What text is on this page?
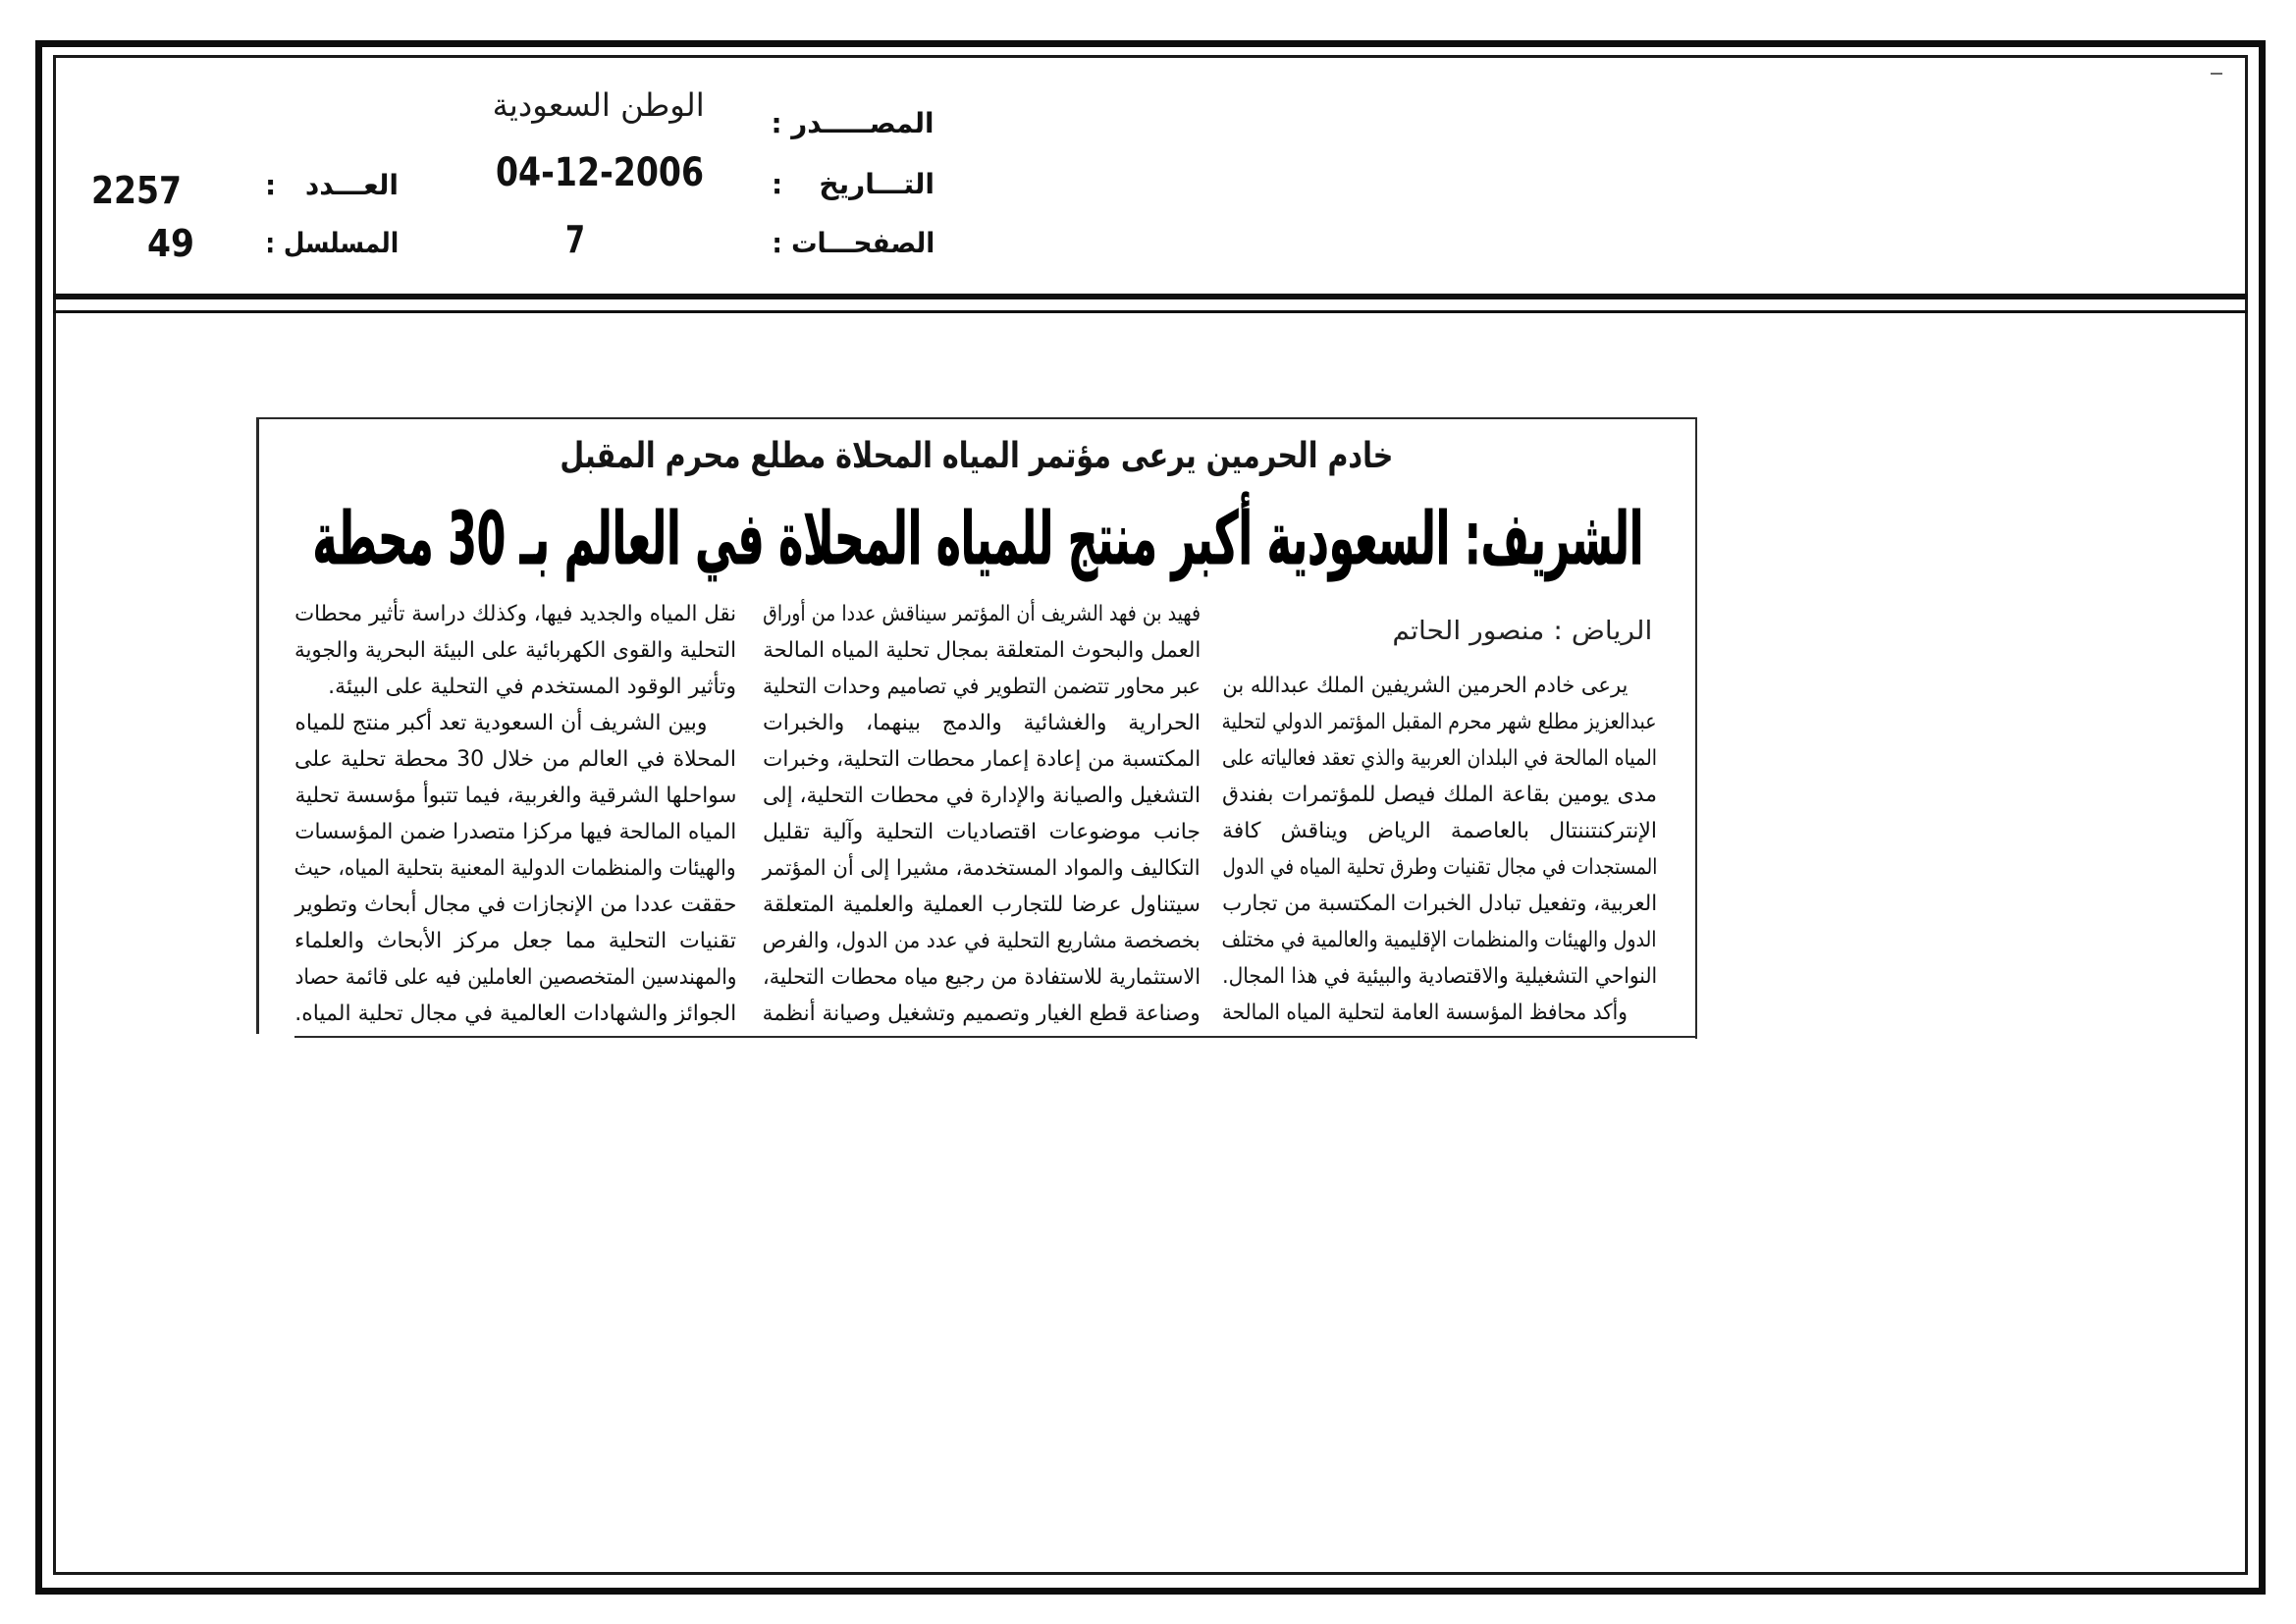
المصـــــدر :
الوطن السعودية
التـــاريخ :
04-12-2006
الصفحـــات :
7
العـــدد :
2257
المسلسل :
49
خادم الحرمين يرعى مؤتمر المياه المحلاة مطلع محرم المقبل
الشريف: السعودية أكبر منتج للمياه المحلاة في العالم بـ 30 محطة
الرياض : منصور الحاتم
يرعى خادم الحرمين الشريفين الملك عبدالله بن
عبدالعزيز مطلع شهر محرم المقبل المؤتمر الدولي لتحلية
المياه المالحة في البلدان العربية والذي تعقد فعالياته على
مدى يومين بقاعة الملك فيصل للمؤتمرات بفندق
الإنتركنتننتال بالعاصمة الرياض ويناقش كافة
المستجدات في مجال تقنيات وطرق تحلية المياه في الدول
العربية، وتفعيل تبادل الخبرات المكتسبة من تجارب
الدول والهيئات والمنظمات الإقليمية والعالمية في مختلف
النواحي التشغيلية والاقتصادية والبيئية في هذا المجال.
وأكد محافظ المؤسسة العامة لتحلية المياه المالحة
فهيد بن فهد الشريف أن المؤتمر سيناقش عددا من أوراق
العمل والبحوث المتعلقة بمجال تحلية المياه المالحة
عبر محاور تتضمن التطوير في تصاميم وحدات التحلية
الحرارية والغشائية والدمج بينهما، والخبرات
المكتسبة من إعادة إعمار محطات التحلية، وخبرات
التشغيل والصيانة والإدارة في محطات التحلية، إلى
جانب موضوعات اقتصاديات التحلية وآلية تقليل
التكاليف والمواد المستخدمة، مشيرا إلى أن المؤتمر
سيتناول عرضا للتجارب العملية والعلمية المتعلقة
بخصخصة مشاريع التحلية في عدد من الدول، والفرص
الاستثمارية للاستفادة من رجيع مياه محطات التحلية،
وصناعة قطع الغيار وتصميم وتشغيل وصيانة أنظمة
نقل المياه والجديد فيها، وكذلك دراسة تأثير محطات
التحلية والقوى الكهربائية على البيئة البحرية والجوية
وتأثير الوقود المستخدم في التحلية على البيئة.
وبين الشريف أن السعودية تعد أكبر منتج للمياه
المحلاة في العالم من خلال 30 محطة تحلية على
سواحلها الشرقية والغربية، فيما تتبوأ مؤسسة تحلية
المياه المالحة فيها مركزا متصدرا ضمن المؤسسات
والهيئات والمنظمات الدولية المعنية بتحلية المياه، حيث
حققت عددا من الإنجازات في مجال أبحاث وتطوير
تقنيات التحلية مما جعل مركز الأبحاث والعلماء
والمهندسين المتخصصين العاملين فيه على قائمة حصاد
الجوائز والشهادات العالمية في مجال تحلية المياه.
